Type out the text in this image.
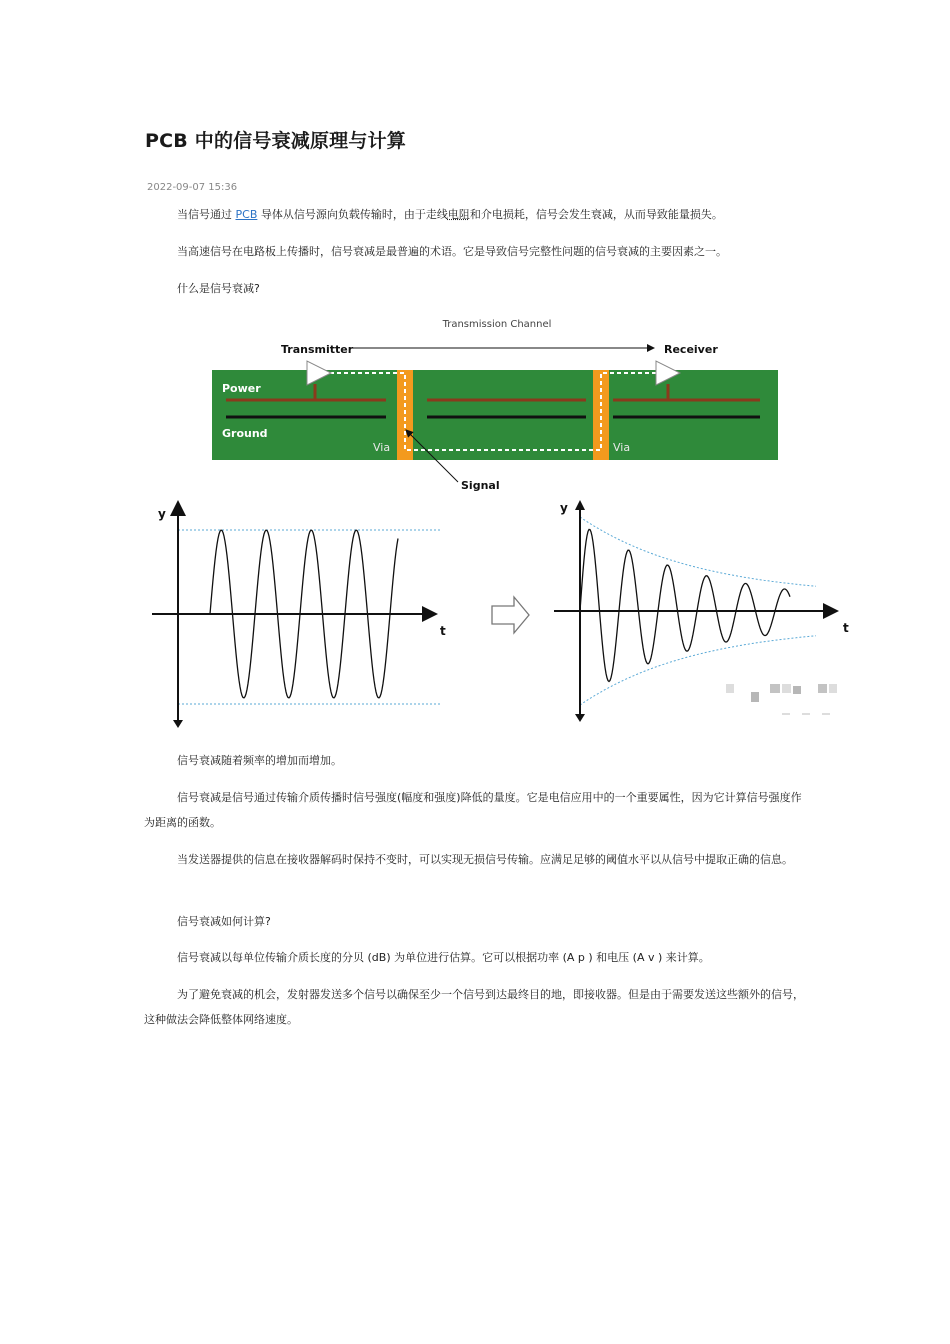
PCB 中的信号衰减原理与计算
2022-09-07 15:36

当信号通过 PCB 导体从信号源向负载传输时，由于走线电阻和介电损耗，信号会发生衰减，从而导致能量损失。

当高速信号在电路板上传播时，信号衰减是最普遍的术语。它是导致信号完整性问题的信号衰减的主要因素之一。

什么是信号衰减?

Transmission Channel
Transmitter	Receiver
Power
Ground
Via	Via
Signal
y
t
y
t

信号衰减随着频率的增加而增加。

信号衰减是信号通过传输介质传播时信号强度(幅度和强度)降低的量度。它是电信应用中的一个重要属性，因为它计算信号强度作为距离的函数。

当发送器提供的信息在接收器解码时保持不变时，可以实现无损信号传输。应满足足够的阈值水平以从信号中提取正确的信息。

信号衰减如何计算?

信号衰减以每单位传输介质长度的分贝 (dB) 为单位进行估算。它可以根据功率 (A p ) 和电压 (A v ) 来计算。

为了避免衰减的机会，发射器发送多个信号以确保至少一个信号到达最终目的地，即接收器。但是由于需要发送这些额外的信号，这种做法会降低整体网络速度。
